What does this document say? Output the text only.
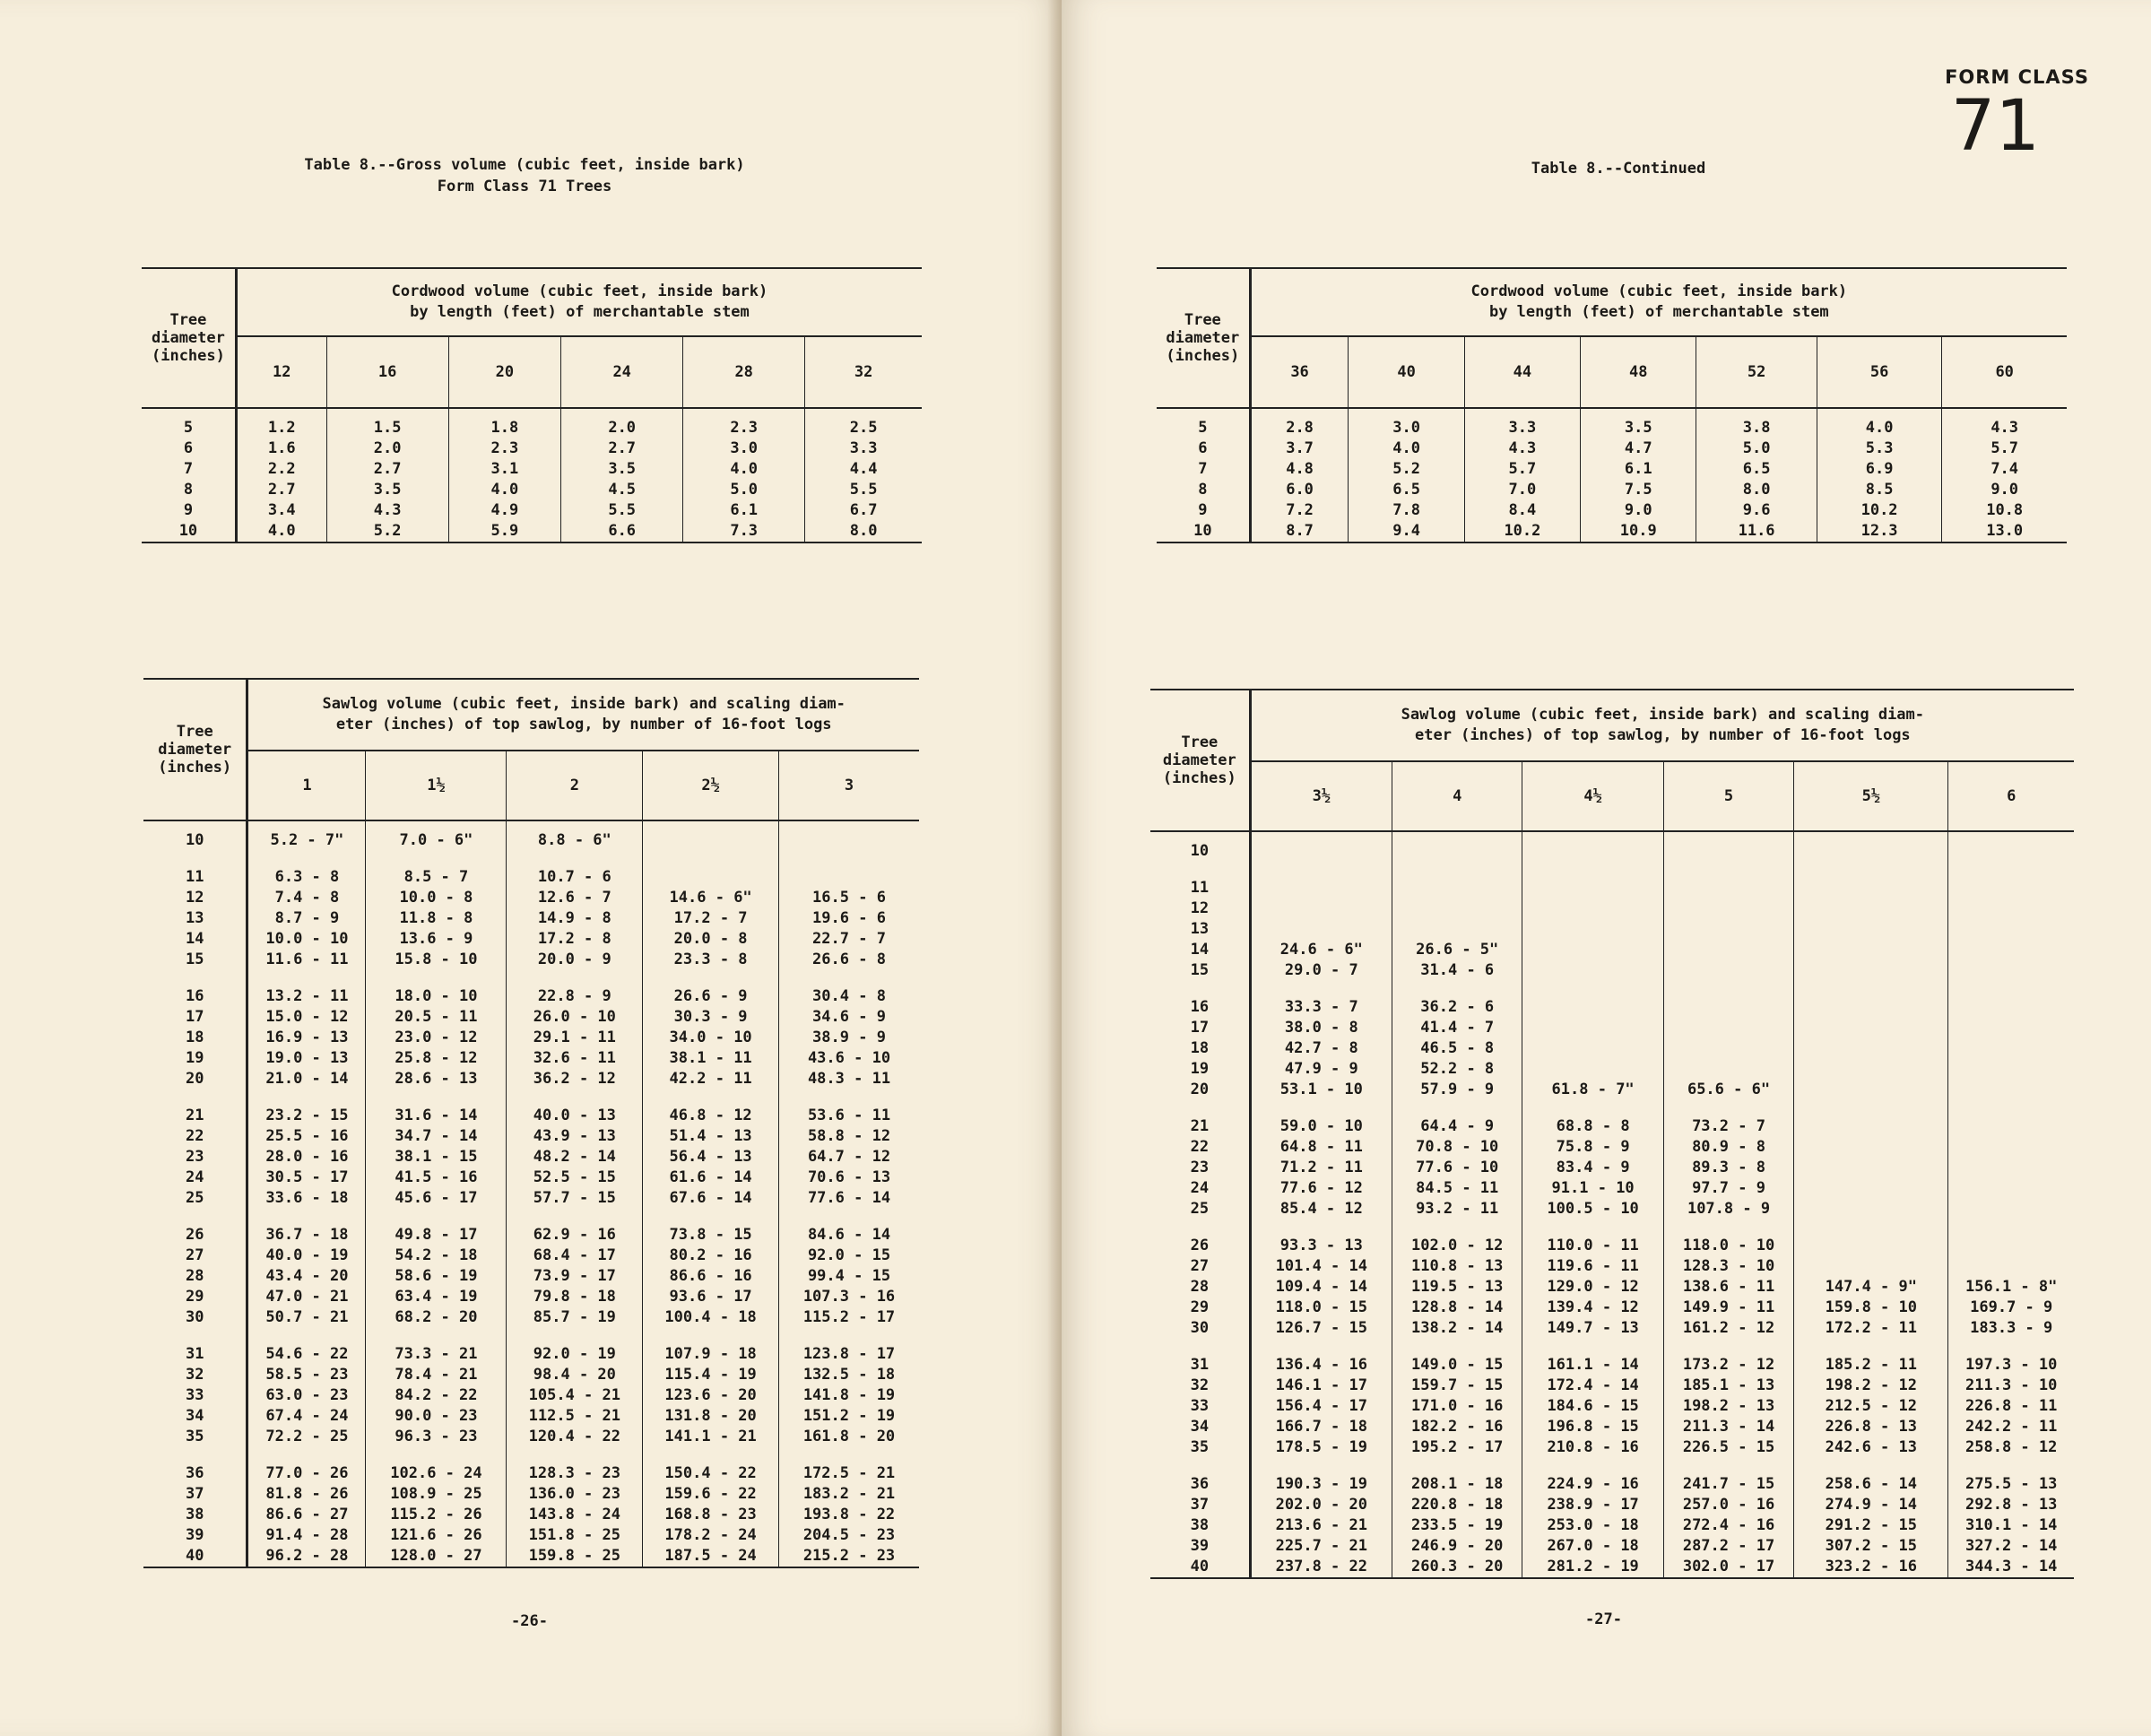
Table 8.--Gross volume (cubic feet, inside bark)
Form Class 71 Trees
-26-
FORM CLASS
71
Table 8.--Continued
-27-
Tree
diameter
(inches)	Cordwood volume (cubic feet, inside bark)
by length (feet) of merchantable stem					
	12	16	20	24	28	32
5	1.2	1.5	1.8	2.0	2.3	2.5
6	1.6	2.0	2.3	2.7	3.0	3.3
7	2.2	2.7	3.1	3.5	4.0	4.4
8	2.7	3.5	4.0	4.5	5.0	5.5
9	3.4	4.3	4.9	5.5	6.1	6.7
10	4.0	5.2	5.9	6.6	7.3	8.0
Tree
diameter
(inches)	Sawlog volume (cubic feet, inside bark) and scaling diam-
eter (inches) of top sawlog, by number of 16-foot logs				
	1	1½	2	2½	3
10	5.2 - 7"	7.0 - 6"	8.8 - 6"		

11	6.3 - 8	8.5 - 7	10.7 - 6		
12	7.4 - 8	10.0 - 8	12.6 - 7	14.6 - 6"	16.5 - 6
13	8.7 - 9	11.8 - 8	14.9 - 8	17.2 - 7	19.6 - 6
14	10.0 - 10	13.6 - 9	17.2 - 8	20.0 - 8	22.7 - 7
15	11.6 - 11	15.8 - 10	20.0 - 9	23.3 - 8	26.6 - 8

16	13.2 - 11	18.0 - 10	22.8 - 9	26.6 - 9	30.4 - 8
17	15.0 - 12	20.5 - 11	26.0 - 10	30.3 - 9	34.6 - 9
18	16.9 - 13	23.0 - 12	29.1 - 11	34.0 - 10	38.9 - 9
19	19.0 - 13	25.8 - 12	32.6 - 11	38.1 - 11	43.6 - 10
20	21.0 - 14	28.6 - 13	36.2 - 12	42.2 - 11	48.3 - 11

21	23.2 - 15	31.6 - 14	40.0 - 13	46.8 - 12	53.6 - 11
22	25.5 - 16	34.7 - 14	43.9 - 13	51.4 - 13	58.8 - 12
23	28.0 - 16	38.1 - 15	48.2 - 14	56.4 - 13	64.7 - 12
24	30.5 - 17	41.5 - 16	52.5 - 15	61.6 - 14	70.6 - 13
25	33.6 - 18	45.6 - 17	57.7 - 15	67.6 - 14	77.6 - 14

26	36.7 - 18	49.8 - 17	62.9 - 16	73.8 - 15	84.6 - 14
27	40.0 - 19	54.2 - 18	68.4 - 17	80.2 - 16	92.0 - 15
28	43.4 - 20	58.6 - 19	73.9 - 17	86.6 - 16	99.4 - 15
29	47.0 - 21	63.4 - 19	79.8 - 18	93.6 - 17	107.3 - 16
30	50.7 - 21	68.2 - 20	85.7 - 19	100.4 - 18	115.2 - 17

31	54.6 - 22	73.3 - 21	92.0 - 19	107.9 - 18	123.8 - 17
32	58.5 - 23	78.4 - 21	98.4 - 20	115.4 - 19	132.5 - 18
33	63.0 - 23	84.2 - 22	105.4 - 21	123.6 - 20	141.8 - 19
34	67.4 - 24	90.0 - 23	112.5 - 21	131.8 - 20	151.2 - 19
35	72.2 - 25	96.3 - 23	120.4 - 22	141.1 - 21	161.8 - 20

36	77.0 - 26	102.6 - 24	128.3 - 23	150.4 - 22	172.5 - 21
37	81.8 - 26	108.9 - 25	136.0 - 23	159.6 - 22	183.2 - 21
38	86.6 - 27	115.2 - 26	143.8 - 24	168.8 - 23	193.8 - 22
39	91.4 - 28	121.6 - 26	151.8 - 25	178.2 - 24	204.5 - 23
40	96.2 - 28	128.0 - 27	159.8 - 25	187.5 - 24	215.2 - 23
Tree
diameter
(inches)	Cordwood volume (cubic feet, inside bark)
by length (feet) of merchantable stem						
	36	40	44	48	52	56	60
5	2.8	3.0	3.3	3.5	3.8	4.0	4.3
6	3.7	4.0	4.3	4.7	5.0	5.3	5.7
7	4.8	5.2	5.7	6.1	6.5	6.9	7.4
8	6.0	6.5	7.0	7.5	8.0	8.5	9.0
9	7.2	7.8	8.4	9.0	9.6	10.2	10.8
10	8.7	9.4	10.2	10.9	11.6	12.3	13.0
Tree
diameter
(inches)	Sawlog volume (cubic feet, inside bark) and scaling diam-
eter (inches) of top sawlog, by number of 16-foot logs					
	3½	4	4½	5	5½	6
10						

11						
12						
13						
14	24.6 - 6"	26.6 - 5"				
15	29.0 - 7	31.4 - 6				

16	33.3 - 7	36.2 - 6				
17	38.0 - 8	41.4 - 7				
18	42.7 - 8	46.5 - 8				
19	47.9 - 9	52.2 - 8				
20	53.1 - 10	57.9 - 9	61.8 - 7"	65.6 - 6"		

21	59.0 - 10	64.4 - 9	68.8 - 8	73.2 - 7		
22	64.8 - 11	70.8 - 10	75.8 - 9	80.9 - 8		
23	71.2 - 11	77.6 - 10	83.4 - 9	89.3 - 8		
24	77.6 - 12	84.5 - 11	91.1 - 10	97.7 - 9		
25	85.4 - 12	93.2 - 11	100.5 - 10	107.8 - 9		

26	93.3 - 13	102.0 - 12	110.0 - 11	118.0 - 10		
27	101.4 - 14	110.8 - 13	119.6 - 11	128.3 - 10		
28	109.4 - 14	119.5 - 13	129.0 - 12	138.6 - 11	147.4 - 9"	156.1 - 8"
29	118.0 - 15	128.8 - 14	139.4 - 12	149.9 - 11	159.8 - 10	169.7 - 9
30	126.7 - 15	138.2 - 14	149.7 - 13	161.2 - 12	172.2 - 11	183.3 - 9

31	136.4 - 16	149.0 - 15	161.1 - 14	173.2 - 12	185.2 - 11	197.3 - 10
32	146.1 - 17	159.7 - 15	172.4 - 14	185.1 - 13	198.2 - 12	211.3 - 10
33	156.4 - 17	171.0 - 16	184.6 - 15	198.2 - 13	212.5 - 12	226.8 - 11
34	166.7 - 18	182.2 - 16	196.8 - 15	211.3 - 14	226.8 - 13	242.2 - 11
35	178.5 - 19	195.2 - 17	210.8 - 16	226.5 - 15	242.6 - 13	258.8 - 12

36	190.3 - 19	208.1 - 18	224.9 - 16	241.7 - 15	258.6 - 14	275.5 - 13
37	202.0 - 20	220.8 - 18	238.9 - 17	257.0 - 16	274.9 - 14	292.8 - 13
38	213.6 - 21	233.5 - 19	253.0 - 18	272.4 - 16	291.2 - 15	310.1 - 14
39	225.7 - 21	246.9 - 20	267.0 - 18	287.2 - 17	307.2 - 15	327.2 - 14
40	237.8 - 22	260.3 - 20	281.2 - 19	302.0 - 17	323.2 - 16	344.3 - 14
